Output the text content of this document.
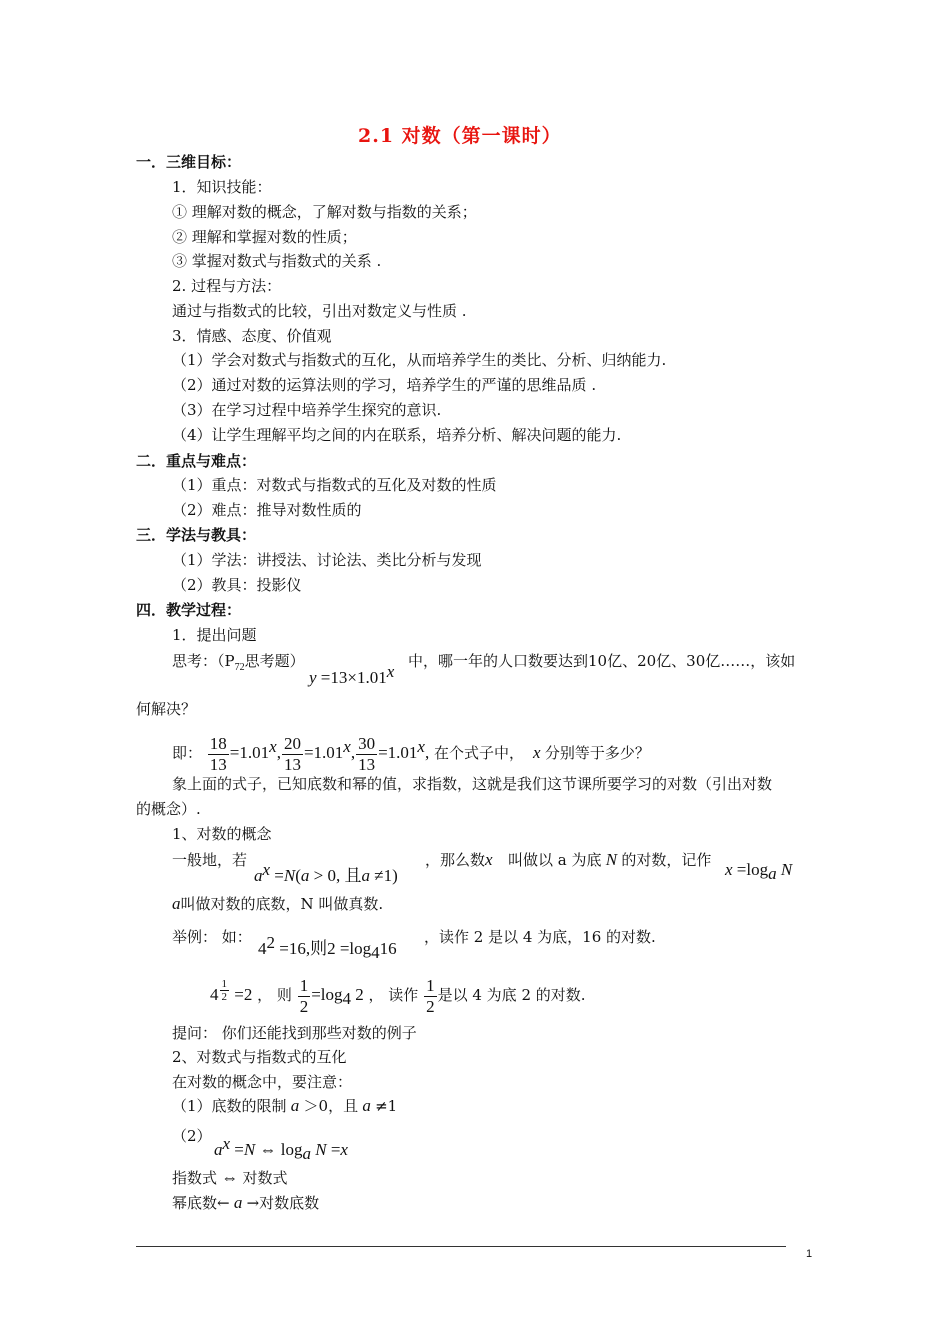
2.1 对数（第一课时）
一．三维目标：
1．知识技能：
① 理解对数的概念，了解对数与指数的关系；
② 理解和掌握对数的性质；
③ 掌握对数式与指数式的关系 .
2. 过程与方法：
通过与指数式的比较，引出对数定义与性质 .
3．情感、态度、价值观
（1）学会对数式与指数式的互化，从而培养学生的类比、分析、归纳能力.
（2）通过对数的运算法则的学习，培养学生的严谨的思维品质 .
（3）在学习过程中培养学生探究的意识.
（4）让学生理解平均之间的内在联系，培养分析、解决问题的能力.
二．重点与难点：
（1）重点：对数式与指数式的互化及对数的性质
（2）难点：推导对数性质的
三．学法与教具：
（1）学法：讲授法、讨论法、类比分析与发现
（2）教具：投影仪
四．教学过程：
1．提出问题
思考：（$P_{72}$思考题）
$y =13\times 1.01^x$
中，哪一年的人口数要达到10亿、20亿、30亿……，该如
何解决？
即： $\frac{18}{13} =1.01^x$, $\frac{20}{13} =1.01^x$, $\frac{30}{13} =1.01^x$, 在个式子中，  x 分别等于多少？
象上面的式子，已知底数和幂的值，求指数，这就是我们这节课所要学习的对数（引出对数
的概念）.
1、对数的概念
一般地，若
$a^x =N(a > 0$, 且a ≠1)
，那么数x 叫做以 a 为底 N 的对数，记作 $x =\log_a$ N
a叫做对数的底数，N 叫做真数.
举例： 如：
$4^2 =16$,则$2 =\log_416$
，读作 2 是以 4 为底，16 的对数.
$4 \frac{1}{2} =2$ ， 则 $\frac{1}{2} =\log_4$ 2 ， 读作 $\frac{1}{2}$ 是以 4 为底 2 的对数.
提问： 你们还能找到那些对数的例子
2、对数式与指数式的互化
在对数的概念中，要注意：
（1）底数的限制 a ＞0，且 a ≠1
（2）
$a^x =N$ ⇔ $\log_a N =x$
指数式 ⇔ 对数式
幂底数← a →对数底数
1
